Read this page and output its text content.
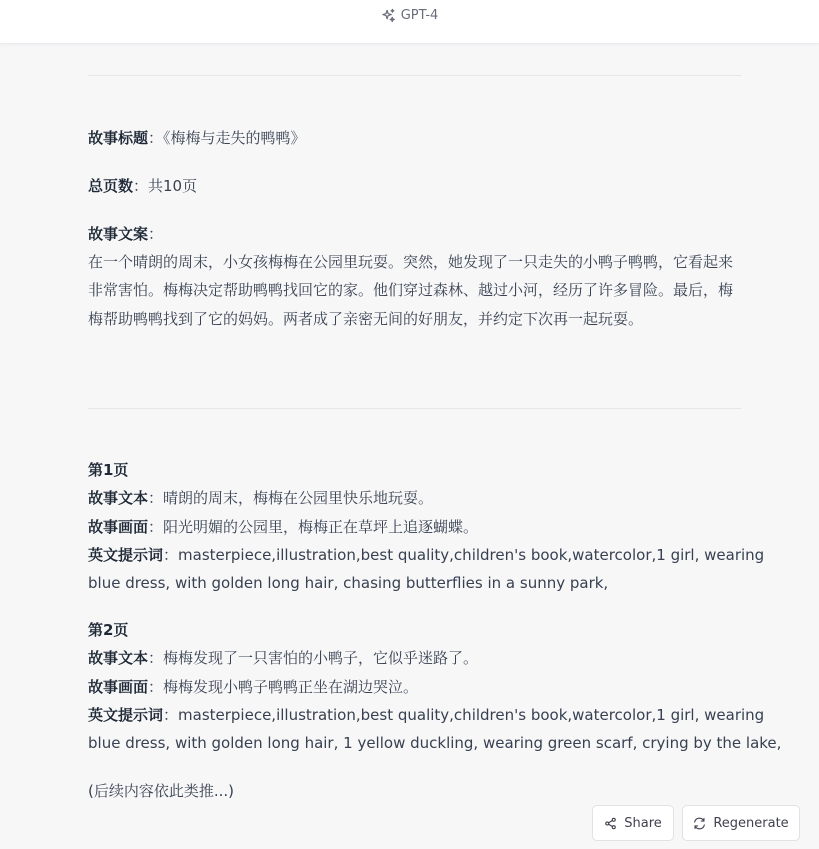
GPT-4
故事标题：《梅梅与走失的鸭鸭》
总页数：共10页
故事文案：
在一个晴朗的周末，小女孩梅梅在公园里玩耍。突然，她发现了一只走失的小鸭子鸭鸭，它看起来非常害怕。梅梅决定帮助鸭鸭找回它的家。他们穿过森林、越过小河，经历了许多冒险。最后，梅梅帮助鸭鸭找到了它的妈妈。两者成了亲密无间的好朋友，并约定下次再一起玩耍。
第1页
故事文本：晴朗的周末，梅梅在公园里快乐地玩耍。
故事画面：阳光明媚的公园里，梅梅正在草坪上追逐蝴蝶。
英文提示词：masterpiece,illustration,best quality,children's book,watercolor,1 girl, wearing
blue dress, with golden long hair, chasing butterflies in a sunny park,
第2页
故事文本：梅梅发现了一只害怕的小鸭子，它似乎迷路了。
故事画面：梅梅发现小鸭子鸭鸭正坐在湖边哭泣。
英文提示词：masterpiece,illustration,best quality,children's book,watercolor,1 girl, wearing
blue dress, with golden long hair, 1 yellow duckling, wearing green scarf, crying by the lake,
(后续内容依此类推...)
Share	Regenerate
